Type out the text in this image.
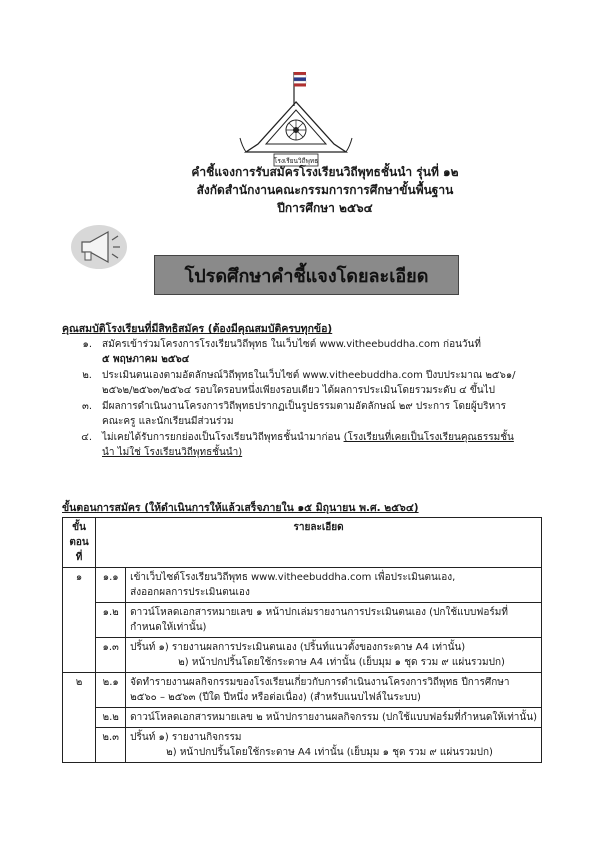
โรงเรียนวิถีพุทธ
คำชี้แจงการรับสมัครโรงเรียนวิถีพุทธชั้นนำ รุ่นที่ ๑๒
สังกัดสำนักงานคณะกรรมการการศึกษาขั้นพื้นฐาน
ปีการศึกษา ๒๕๖๔
โปรดศึกษาคำชี้แจงโดยละเอียด
คุณสมบัติโรงเรียนที่มีสิทธิสมัคร (ต้องมีคุณสมบัติครบทุกข้อ)
๑.	สมัครเข้าร่วมโครงการโรงเรียนวิถีพุทธ ในเว็บไซต์ www.vitheebuddha.com ก่อนวันที่
๕ พฤษภาคม ๒๕๖๔
๒.	ประเมินตนเองตามอัตลักษณ์วิถีพุทธในเว็บไซต์ www.vitheebuddha.com ปีงบประมาณ ๒๕๖๑/
๒๕๖๒/๒๕๖๓/๒๕๖๔ รอบใดรอบหนึ่งเพียงรอบเดียว ได้ผลการประเมินโดยรวมระดับ ๔ ขึ้นไป
๓.	มีผลการดำเนินงานโครงการวิถีพุทธปรากฏเป็นรูปธรรมตามอัตลักษณ์ ๒๙ ประการ โดยผู้บริหาร
คณะครู และนักเรียนมีส่วนร่วม
๔.	ไม่เคยได้รับการยกย่องเป็นโรงเรียนวิถีพุทธชั้นนำมาก่อน (โรงเรียนที่เคยเป็นโรงเรียนคุณธรรมชั้น
นำ ไม่ใช่ โรงเรียนวิถีพุทธชั้นนำ)
ขั้นตอนการสมัคร (ให้ดำเนินการให้แล้วเสร็จภายใน ๑๕ มิถุนายน พ.ศ. ๒๕๖๔)
ขั้นตอนที่	รายละเอียด	
๑	๑.๑	เข้าเว็บไซต์โรงเรียนวิถีพุทธ www.vitheebuddha.com เพื่อประเมินตนเอง,
ส่งออกผลการประเมินตนเอง

	๑.๒	ดาวน์โหลดเอกสารหมายเลข ๑ หน้าปกเล่มรายงานการประเมินตนเอง (ปกใช้แบบฟอร์มที่
กำหนดให้เท่านั้น)

	๑.๓	ปริ้นท์ ๑) รายงานผลการประเมินตนเอง (ปริ้นท์แนวตั้งของกระดาษ A4 เท่านั้น)
๒) หน้าปกปริ้นโดยใช้กระดาษ A4 เท่านั้น (เย็บมุม ๑ ชุด รวม ๙ แผ่นรวมปก)

๒	๒.๑	จัดทำรายงานผลกิจกรรมของโรงเรียนเกี่ยวกับการดำเนินงานโครงการวิถีพุทธ ปีการศึกษา
๒๕๖๐ – ๒๕๖๓ (ปีใด ปีหนึ่ง หรือต่อเนื่อง) (สำหรับแนบไฟล์ในระบบ)

	๒.๒	ดาวน์โหลดเอกสารหมายเลข ๒ หน้าปกรายงานผลกิจกรรม (ปกใช้แบบฟอร์มที่กำหนดให้เท่านั้น)

	๒.๓	ปริ้นท์ ๑) รายงานกิจกรรม
๒) หน้าปกปริ้นโดยใช้กระดาษ A4 เท่านั้น (เย็บมุม ๑ ชุด รวม ๙ แผ่นรวมปก)
